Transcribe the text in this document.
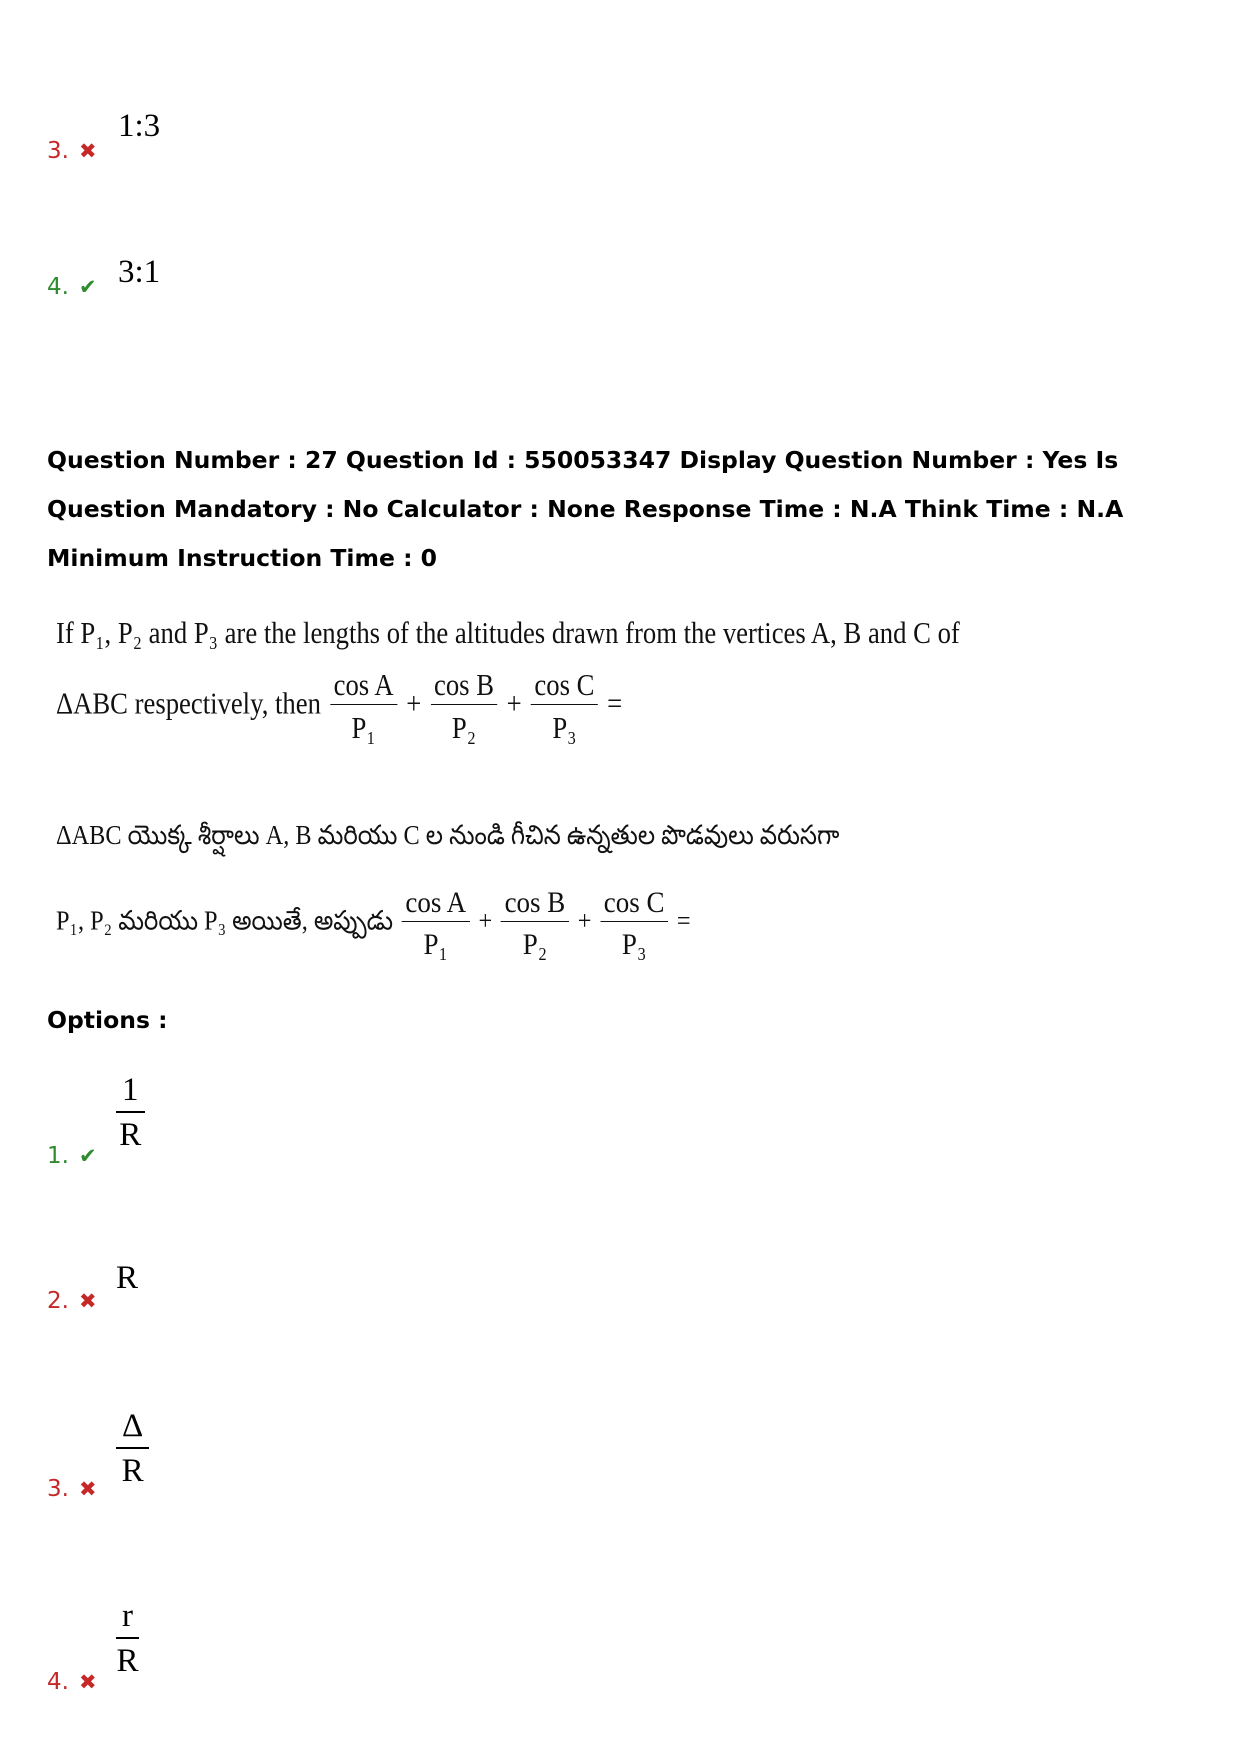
3. ✖
1:3
4. ✔ 3:1
Question Number : 27 Question Id : 550053347 Display Question Number : Yes Is Question Mandatory : No Calculator : None Response Time : N.A Think Time : N.A Minimum Instruction Time : 0
If P₁, P₂ and P₃ are the lengths of the altitudes drawn from the vertices A, B and C of
ΔABC respectively, then $\frac{\text{cos A}}{\text{P₁}} + \frac{\text{cos B}}{\text{P₂}} + \frac{\text{cos C}}{\text{P₃}}$ =
ΔABC యొక్క శీర్షాలు A, B మరియు C ల నుండి గీచిన ఉన్నతుల పొడవులు వరుసగా
P₁, P₂ మరియు P₃ అయితే, అప్పుడు $\frac{\text{cos A}}{\text{P₁}} + \frac{\text{cos B}}{\text{P₂}} + \frac{\text{cos C}}{\text{P₃}}$ =
Options :
1. ✔
$\frac{1}{R}$
2. ✖
R
3. ✖
$\frac{\Delta}{R}$
4. ✖
$\frac{r}{R}$
